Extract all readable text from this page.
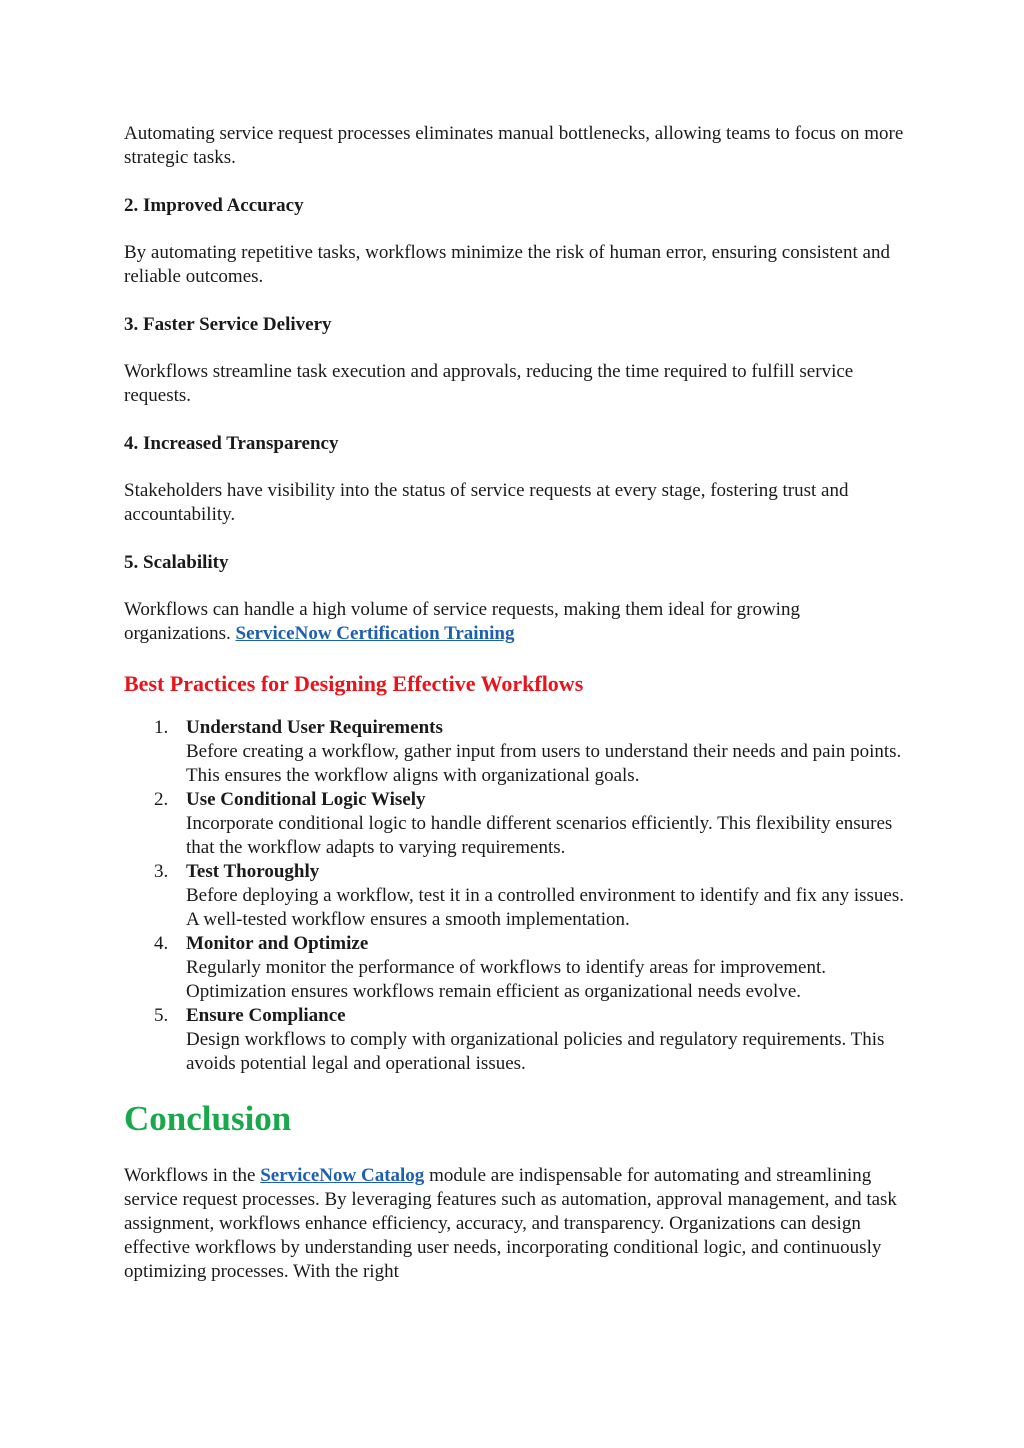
Automating service request processes eliminates manual bottlenecks, allowing teams to focus on more strategic tasks.

2. Improved Accuracy

By automating repetitive tasks, workflows minimize the risk of human error, ensuring consistent and reliable outcomes.

3. Faster Service Delivery

Workflows streamline task execution and approvals, reducing the time required to fulfill service requests.

4. Increased Transparency

Stakeholders have visibility into the status of service requests at every stage, fostering trust and accountability.

5. Scalability

Workflows can handle a high volume of service requests, making them ideal for growing organizations. ServiceNow Certification Training

Best Practices for Designing Effective Workflows
1. Understand User Requirements
Before creating a workflow, gather input from users to understand their needs and pain points. This ensures the workflow aligns with organizational goals.
2. Use Conditional Logic Wisely
Incorporate conditional logic to handle different scenarios efficiently. This flexibility ensures that the workflow adapts to varying requirements.
3. Test Thoroughly
Before deploying a workflow, test it in a controlled environment to identify and fix any issues. A well-tested workflow ensures a smooth implementation.
4. Monitor and Optimize
Regularly monitor the performance of workflows to identify areas for improvement. Optimization ensures workflows remain efficient as organizational needs evolve.
5. Ensure Compliance
Design workflows to comply with organizational policies and regulatory requirements. This avoids potential legal and operational issues.
Conclusion

Workflows in the ServiceNow Catalog module are indispensable for automating and streamlining service request processes. By leveraging features such as automation, approval management, and task assignment, workflows enhance efficiency, accuracy, and transparency. Organizations can design effective workflows by understanding user needs, incorporating conditional logic, and continuously optimizing processes. With the right
